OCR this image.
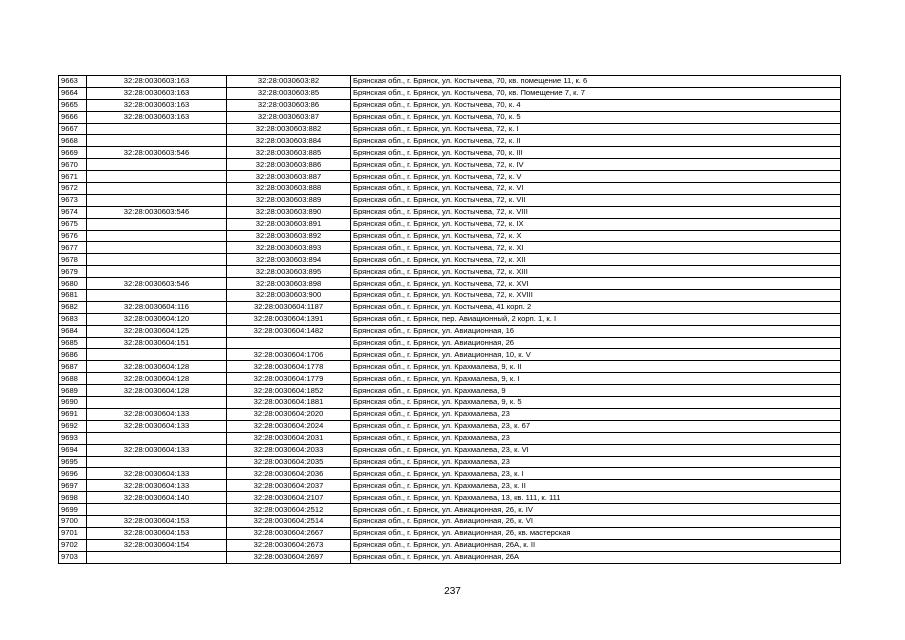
9663	32:28:0030603:163	32:28:0030603:82	Брянская обл., г. Брянск, ул. Костычева, 70, кв. помещение 11, к. 6
9664	32:28:0030603:163	32:28:0030603:85	Брянская обл., г. Брянск, ул. Костычева, 70, кв. Помещение 7, к. 7
9665	32:28:0030603:163	32:28:0030603:86	Брянская обл., г. Брянск, ул. Костычева, 70, к. 4
9666	32:28:0030603:163	32:28:0030603:87	Брянская обл., г. Брянск, ул. Костычева, 70, к. 5
9667		32:28:0030603:882	Брянская обл., г. Брянск, ул. Костычева, 72, к. I
9668		32:28:0030603:884	Брянская обл., г. Брянск, ул. Костычева, 72, к. II
9669	32:28:0030603:546	32:28:0030603:885	Брянская обл., г. Брянск, ул. Костычева, 70, к. III
9670		32:28:0030603:886	Брянская обл., г. Брянск, ул. Костычева, 72, к. IV
9671		32:28:0030603:887	Брянская обл., г. Брянск, ул. Костычева, 72, к. V
9672		32:28:0030603:888	Брянская обл., г. Брянск, ул. Костычева, 72, к. VI
9673		32:28:0030603:889	Брянская обл., г. Брянск, ул. Костычева, 72, к. VII
9674	32:28:0030603:546	32:28:0030603:890	Брянская обл., г. Брянск, ул. Костычева, 72, к. VIII
9675		32:28:0030603:891	Брянская обл., г. Брянск, ул. Костычева, 72, к. IX
9676		32:28:0030603:892	Брянская обл., г. Брянск, ул. Костычева, 72, к. X
9677		32:28:0030603:893	Брянская обл., г. Брянск, ул. Костычева, 72, к. XI
9678		32:28:0030603:894	Брянская обл., г. Брянск, ул. Костычева, 72, к. XII
9679		32:28:0030603:895	Брянская обл., г. Брянск, ул. Костычева, 72, к. XIII
9680	32:28:0030603:546	32:28:0030603:898	Брянская обл., г. Брянск, ул. Костычева, 72, к. XVI
9681		32:28:0030603:900	Брянская обл., г. Брянск, ул. Костычева, 72, к. XVIII
9682	32:28:0030604:116	32:28:0030604:1187	Брянская обл., г. Брянск, ул. Костычева, 41 корп. 2
9683	32:28:0030604:120	32:28:0030604:1391	Брянская обл., г. Брянск, пер. Авиационный, 2 корп. 1, к. I
9684	32:28:0030604:125	32:28:0030604:1482	Брянская обл., г. Брянск, ул. Авиационная, 16
9685	32:28:0030604:151		Брянская обл., г. Брянск, ул. Авиационная, 26
9686		32:28:0030604:1706	Брянская обл., г. Брянск, ул. Авиационная, 10, к. V
9687	32:28:0030604:128	32:28:0030604:1778	Брянская обл., г. Брянск, ул. Крахмалева, 9, к. II
9688	32:28:0030604:128	32:28:0030604:1779	Брянская обл., г. Брянск, ул. Крахмалева, 9, к. I
9689	32:28:0030604:128	32:28:0030604:1852	Брянская обл., г. Брянск, ул. Крахмалева, 9
9690		32:28:0030604:1881	Брянская обл., г. Брянск, ул. Крахмалева, 9, к. 5
9691	32:28:0030604:133	32:28:0030604:2020	Брянская обл., г. Брянск, ул. Крахмалева, 23
9692	32:28:0030604:133	32:28:0030604:2024	Брянская обл., г. Брянск, ул. Крахмалева, 23, к. 67
9693		32:28:0030604:2031	Брянская обл., г. Брянск, ул. Крахмалева, 23
9694	32:28:0030604:133	32:28:0030604:2033	Брянская обл., г. Брянск, ул. Крахмалева, 23, к. VI
9695		32:28:0030604:2035	Брянская обл., г. Брянск, ул. Крахмалева, 23
9696	32:28:0030604:133	32:28:0030604:2036	Брянская обл., г. Брянск, ул. Крахмалева, 23, к. I
9697	32:28:0030604:133	32:28:0030604:2037	Брянская обл., г. Брянск, ул. Крахмалева, 23, к. II
9698	32:28:0030604:140	32:28:0030604:2107	Брянская обл., г. Брянск, ул. Крахмалева, 13, кв. 111, к. 111
9699		32:28:0030604:2512	Брянская обл., г. Брянск, ул. Авиационная, 26, к. IV
9700	32:28:0030604:153	32:28:0030604:2514	Брянская обл., г. Брянск, ул. Авиационная, 26, к. VI
9701	32:28:0030604:153	32:28:0030604:2667	Брянская обл., г. Брянск, ул. Авиационная, 26, кв. мастерская
9702	32:28:0030604:154	32:28:0030604:2673	Брянская обл., г. Брянск, ул. Авиационная, 26А, к. II
9703		32:28:0030604:2697	Брянская обл., г. Брянск, ул. Авиационная, 26А
237
